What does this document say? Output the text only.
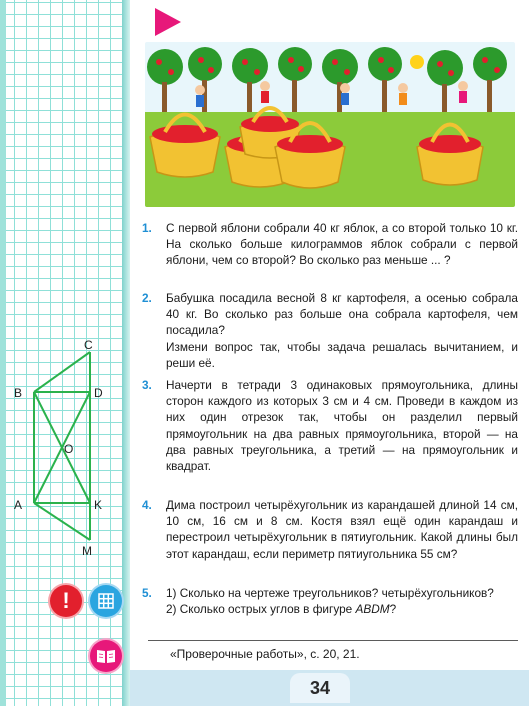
C
B	D
O
A	K
M
!
1.	С первой яблони собрали 40 кг яблок, а со второй только 10 кг. На сколько больше килограммов яблок собрали с первой яблони, чем со второй? Во сколько раз меньше ... ?
2.	Бабушка посадила весной 8 кг картофеля, а осенью собрала 40 кг. Во сколько раз больше она собрала картофеля, чем посадила?
Измени вопрос так, чтобы задача решалась вычитанием, и реши её.
3.	Начерти в тетради 3 одинаковых прямоугольника, длины сторон каждого из которых 3 см и 4 см. Проведи в каждом из них один отрезок так, чтобы он разделил первый прямоугольник на два равных прямоугольника, второй — на два равных треугольника, а третий — на прямоугольник и квадрат.
4.	Дима построил четырёхугольник из карандашей длиной 14 см, 10 см, 16 см и 8 см. Костя взял ещё один карандаш и перестроил четырёхугольник в пятиугольник. Какой длины был этот карандаш, если периметр пятиугольника 55 см?
5.	1) Сколько на чертеже треугольников? четырёхугольников?
2) Сколько острых углов в фигуре ABDM?
«Проверочные работы», с. 20, 21.
34
